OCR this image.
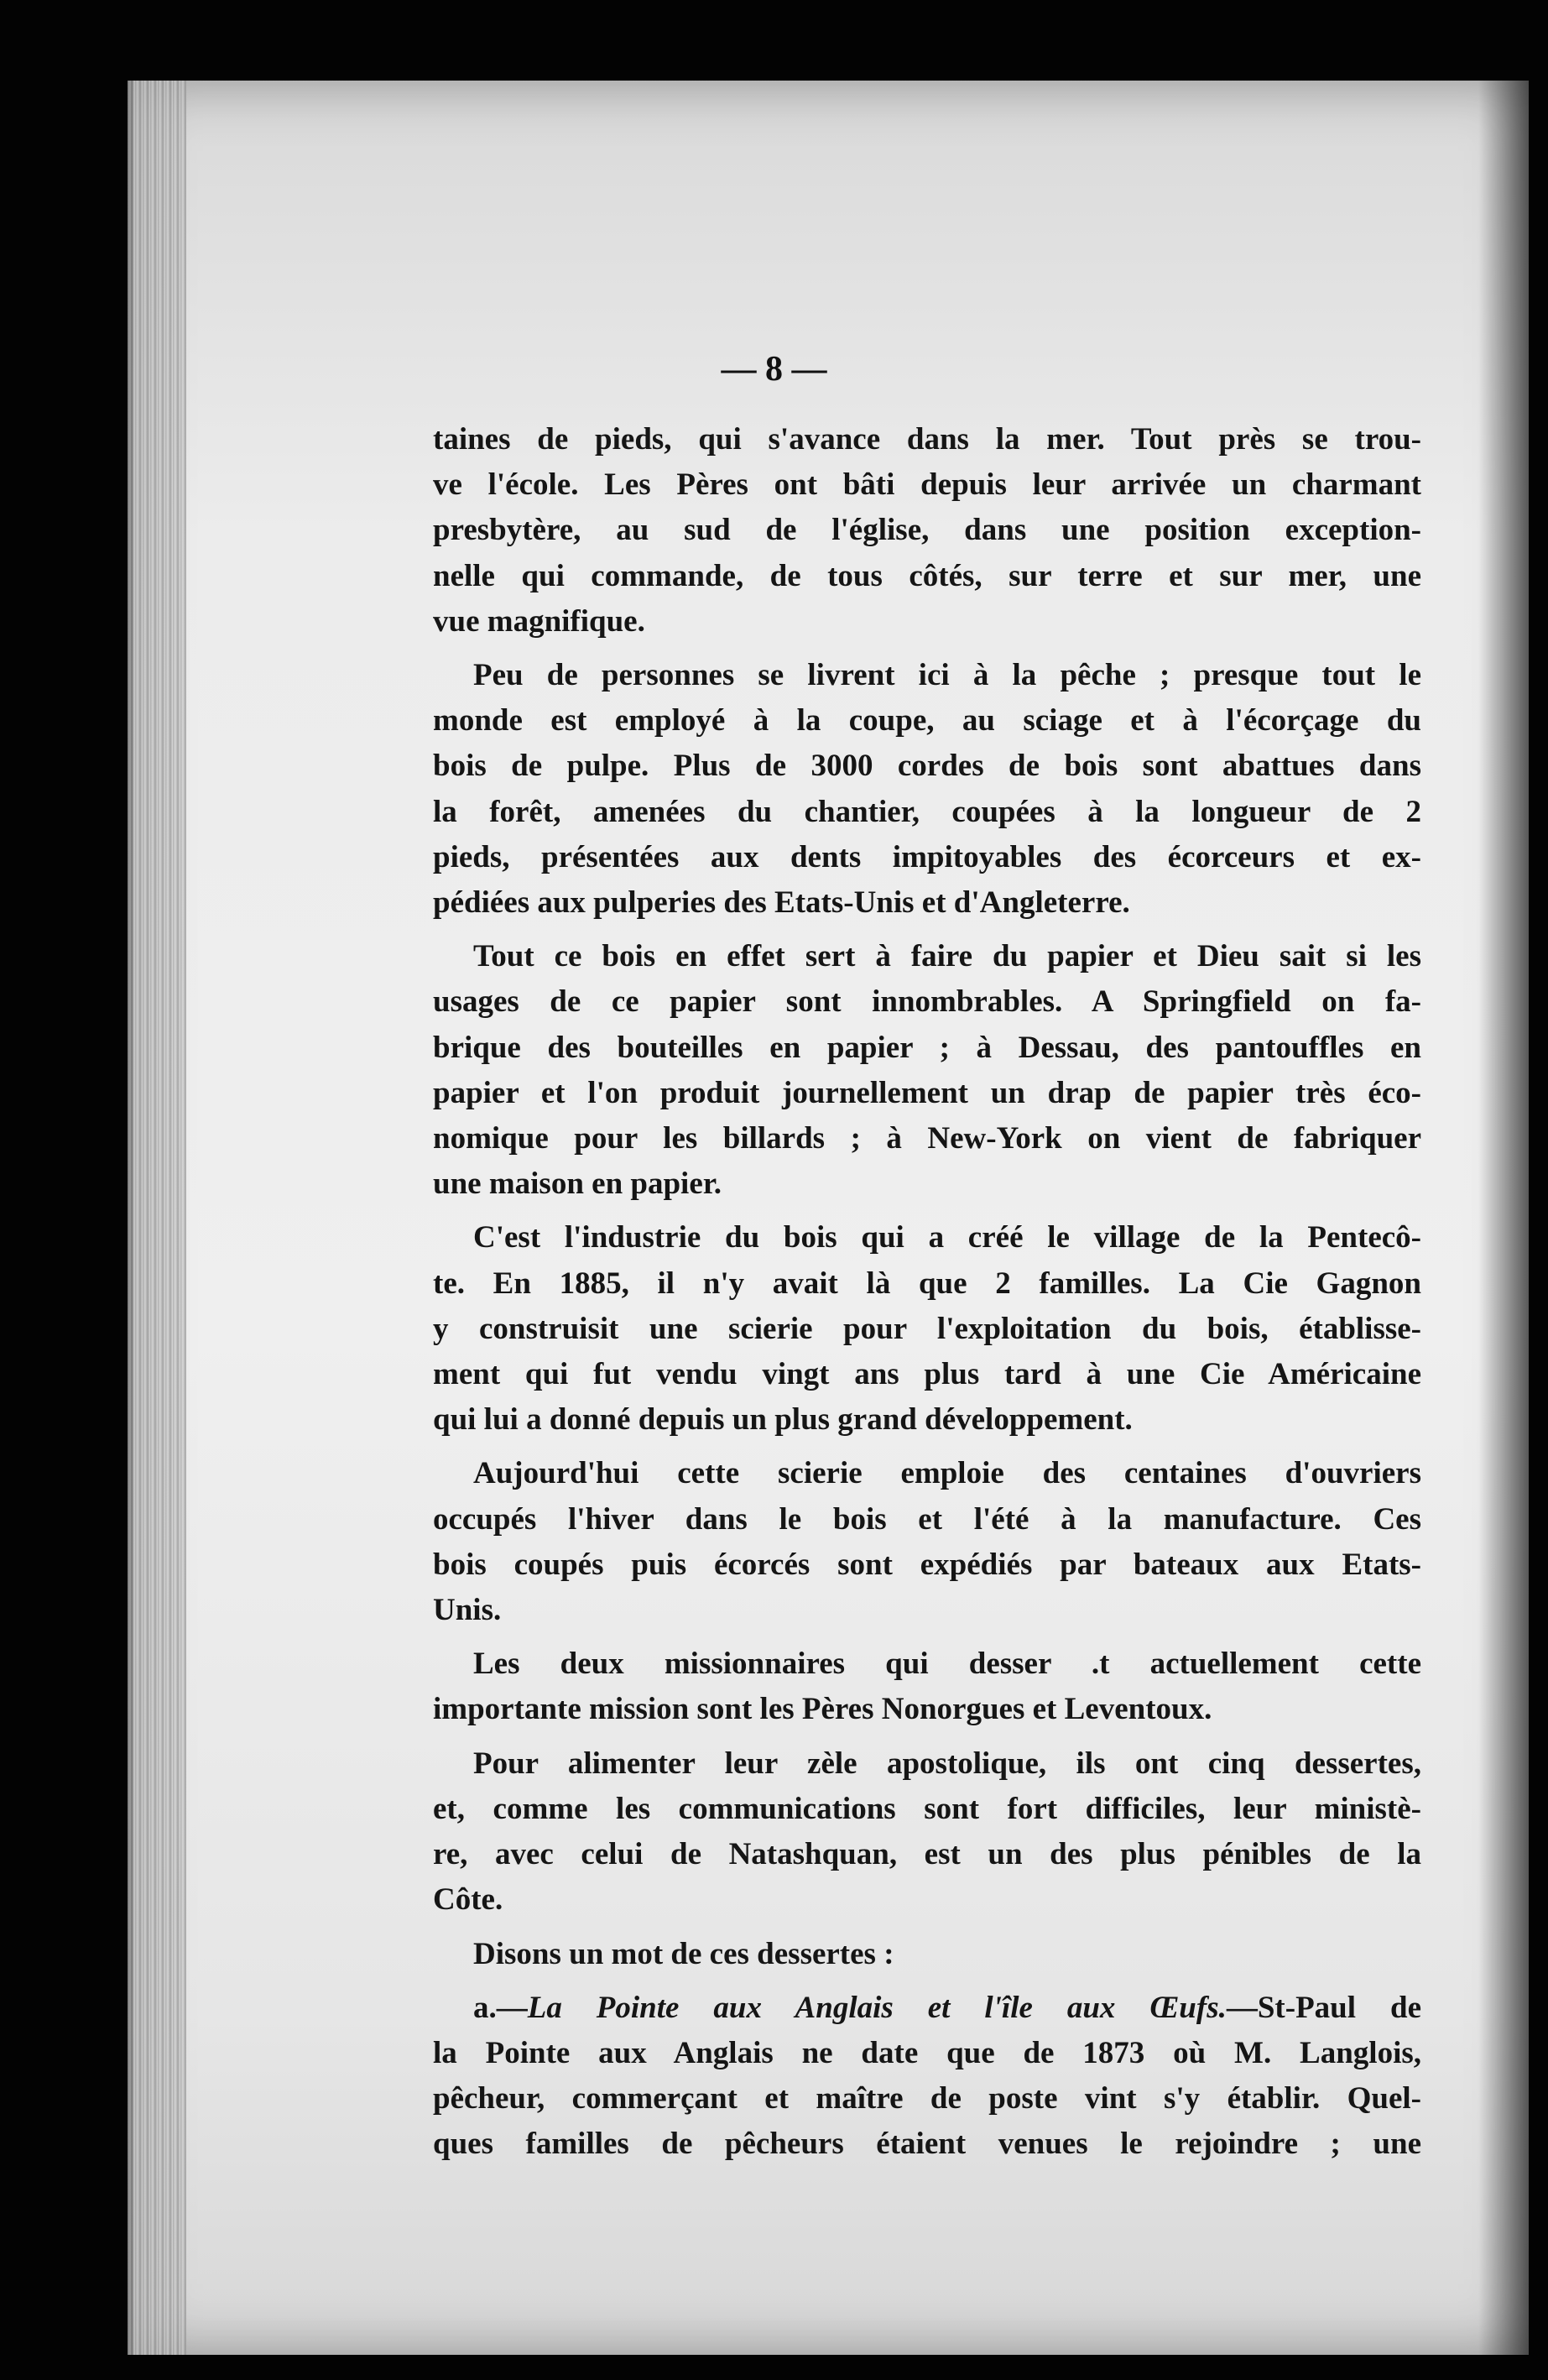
— 8 —

taines de pieds, qui s'avance dans la mer. Tout près se trou-
ve l'école. Les Pères ont bâti depuis leur arrivée un charmant
presbytère, au sud de l'église, dans une position exception-
nelle qui commande, de tous côtés, sur terre et sur mer, une
vue magnifique.

Peu de personnes se livrent ici à la pêche ; presque tout le
monde est employé à la coupe, au sciage et à l'écorçage du
bois de pulpe. Plus de 3000 cordes de bois sont abattues dans
la forêt, amenées du chantier, coupées à la longueur de 2
pieds, présentées aux dents impitoyables des écorceurs et ex-
pédiées aux pulperies des Etats-Unis et d'Angleterre.

Tout ce bois en effet sert à faire du papier et Dieu sait si les
usages de ce papier sont innombrables. A Springfield on fa-
brique des bouteilles en papier ; à Dessau, des pantouffles en
papier et l'on produit journellement un drap de papier très éco-
nomique pour les billards ; à New-York on vient de fabriquer
une maison en papier.

C'est l'industrie du bois qui a créé le village de la Pentecô-
te. En 1885, il n'y avait là que 2 familles. La Cie Gagnon
y construisit une scierie pour l'exploitation du bois, établisse-
ment qui fut vendu vingt ans plus tard à une Cie Américaine
qui lui a donné depuis un plus grand développement.

Aujourd'hui cette scierie emploie des centaines d'ouvriers
occupés l'hiver dans le bois et l'été à la manufacture. Ces
bois coupés puis écorcés sont expédiés par bateaux aux Etats-
Unis.

Les deux missionnaires qui desser .t actuellement cette
importante mission sont les Pères Nonorgues et Leventoux.

Pour alimenter leur zèle apostolique, ils ont cinq dessertes,
et, comme les communications sont fort difficiles, leur ministè-
re, avec celui de Natashquan, est un des plus pénibles de la
Côte.

Disons un mot de ces dessertes :

a.—La Pointe aux Anglais et l'île aux Œufs.—St-Paul de
la Pointe aux Anglais ne date que de 1873 où M. Langlois,
pêcheur, commerçant et maître de poste vint s'y établir. Quel-
ques familles de pêcheurs étaient venues le rejoindre ; une
